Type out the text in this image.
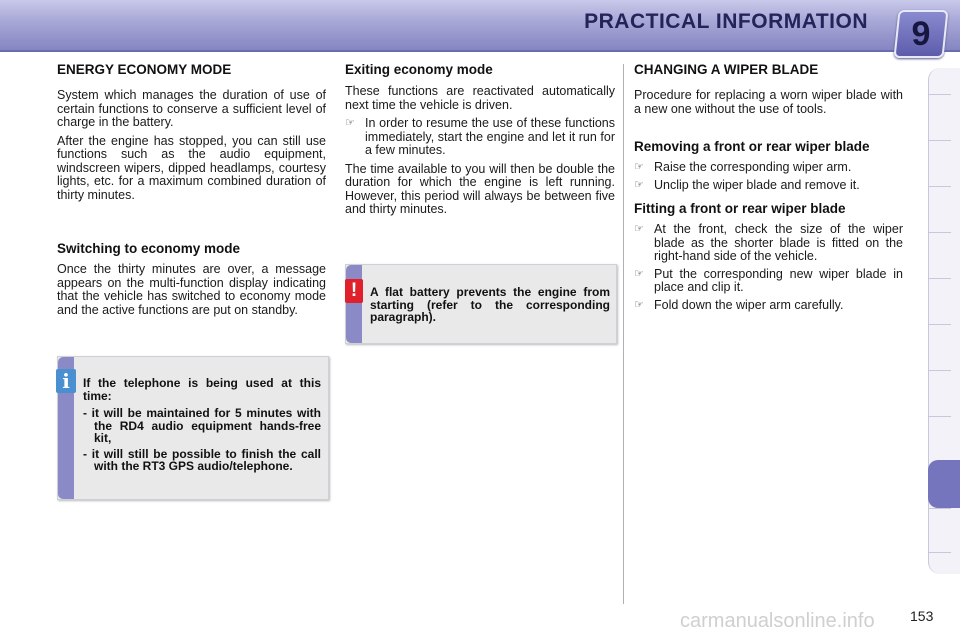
PRACTICAL INFORMATION	9
ENERGY ECONOMY MODE

System which manages the duration of use of certain functions to conserve a sufficient level of charge in the battery.

After the engine has stopped, you can still use functions such as the audio equipment, windscreen wipers, dipped headlamps, courtesy lights, etc. for a maximum combined duration of thirty minutes.

Switching to economy mode

Once the thirty minutes are over, a message appears on the multi-function display indicating that the vehicle has switched to economy mode and the active functions are put on standby.

i	If the telephone is being used at this time:
- it will be maintained for 5 minutes with the RD4 audio equipment hands-free kit,
- it will still be possible to finish the call with the RT3 GPS audio/telephone.
Exiting economy mode

These functions are reactivated automatically next time the vehicle is driven.

☞ In order to resume the use of these functions immediately, start the engine and let it run for a few minutes.

The time available to you will then be double the duration for which the engine is left running. However, this period will always be between five and thirty minutes.

!	A flat battery prevents the engine from starting (refer to the corresponding paragraph).
CHANGING A WIPER BLADE

Procedure for replacing a worn wiper blade with a new one without the use of tools.

Removing a front or rear wiper blade
☞ Raise the corresponding wiper arm.
☞ Unclip the wiper blade and remove it.
Fitting a front or rear wiper blade
☞ At the front, check the size of the wiper blade as the shorter blade is fitted on the right-hand side of the vehicle.
☞ Put the corresponding new wiper blade in place and clip it.
☞ Fold down the wiper arm carefully.
carmanualsonline.info	153
